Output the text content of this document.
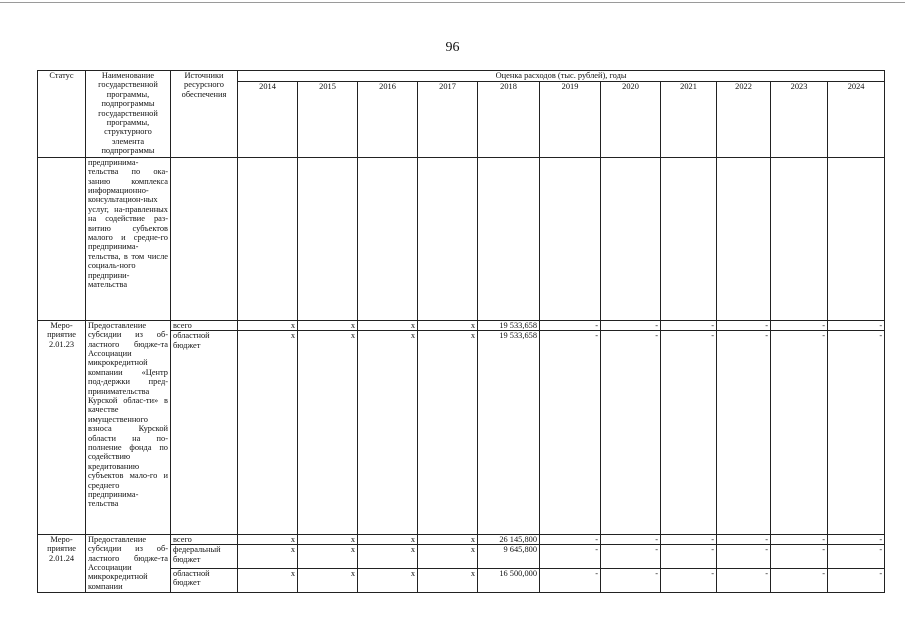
96
Статус	Наименование государственной программы, подпрограммы государственной программы, структурного элемента подпрограммы	Источники ресурсного обеспечения	Оценка расходов (тыс. рублей), годы										
			2014	2015	2016	2017	2018	2019	2020	2021	2022	2023	2024
	предпринима-тельства по ока-занию комплекса информационно-консультацион-ных услуг, на-правленных на содействие раз-витию субъектов малого и средне-го предпринима-тельства, в том числе социаль-ного предприни-мательства												
Меро-приятие 2.01.23	Предоставление субсидии из об-ластного бюдже-та Ассоциации микрокредитной компании «Центр под-держки пред-принимательства Курской облас-ти» в качестве имущественного взноса Курской области на по-полнение фонда по содействию кредитованию субъектов мало-го и среднего предпринима-тельства	всего	x	x	x	x	19 533,658	-	-	-	-	-	-
		областной бюджет	x	x	x	x	19 533,658	-	-	-	-	-	-
Меро-приятие 2.01.24	Предоставление субсидии из об-ластного бюдже-та Ассоциации микрокредитной компании	всего	x	x	x	x	26 145,800	-	-	-	-	-	-
		федеральный бюджет	x	x	x	x	9 645,800	-	-	-	-	-	-
		областной бюджет	x	x	x	x	16 500,000	-	-	-	-	-	-
